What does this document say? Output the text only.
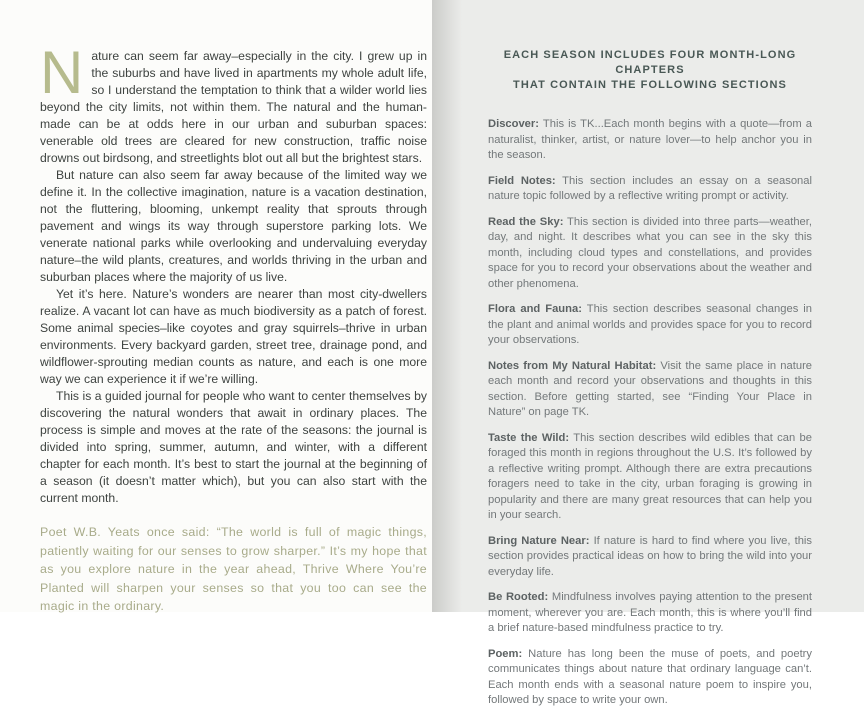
Nature can seem far away–especially in the city. I grew up in the suburbs and have lived in apartments my whole adult life, so I understand the temptation to think that a wilder world lies beyond the city limits, not within them. The natural and the human-made can be at odds here in our urban and suburban spaces: venerable old trees are cleared for new construction, traffic noise drowns out birdsong, and streetlights blot out all but the brightest stars.

But nature can also seem far away because of the limited way we define it. In the collective imagination, nature is a vacation destination, not the fluttering, blooming, unkempt reality that sprouts through pavement and wings its way through superstore parking lots. We venerate national parks while overlooking and undervaluing everyday nature–the wild plants, creatures, and worlds thriving in the urban and suburban places where the majority of us live.

Yet it’s here. Nature’s wonders are nearer than most city-dwellers realize. A vacant lot can have as much biodiversity as a patch of forest. Some animal species–like coyotes and gray squirrels–thrive in urban environments. Every backyard garden, street tree, drainage pond, and wildflower-sprouting median counts as nature, and each is one more way we can experience it if we’re willing.

This is a guided journal for people who want to center themselves by discovering the natural wonders that await in ordinary places. The process is simple and moves at the rate of the seasons: the journal is divided into spring, summer, autumn, and winter, with a different chapter for each month. It’s best to start the journal at the beginning of a season (it doesn’t matter which), but you can also start with the current month.

Poet W.B. Yeats once said: “The world is full of magic things, patiently waiting for our senses to grow sharper.” It’s my hope that as you explore nature in the year ahead, Thrive Where You’re Planted will sharpen your senses so that you too can see the magic in the ordinary.

EACH SEASON INCLUDES FOUR MONTH-LONG CHAPTERS
THAT CONTAIN THE FOLLOWING SECTIONS

Discover: This is TK...Each month begins with a quote—from a naturalist, thinker, artist, or nature lover—to help anchor you in the season.

Field Notes: This section includes an essay on a seasonal nature topic followed by a reflective writing prompt or activity.

Read the Sky: This section is divided into three parts—weather, day, and night. It describes what you can see in the sky this month, including cloud types and constellations, and provides space for you to record your observations about the weather and other phenomena.

Flora and Fauna: This section describes seasonal changes in the plant and animal worlds and provides space for you to record your observations.

Notes from My Natural Habitat: Visit the same place in nature each month and record your observations and thoughts in this section. Before getting started, see “Finding Your Place in Nature” on page TK.

Taste the Wild: This section describes wild edibles that can be foraged this month in regions throughout the U.S. It’s followed by a reflective writing prompt. Although there are extra precautions foragers need to take in the city, urban foraging is growing in popularity and there are many great resources that can help you in your search.

Bring Nature Near: If nature is hard to find where you live, this section provides practical ideas on how to bring the wild into your everyday life.

Be Rooted: Mindfulness involves paying attention to the present moment, wherever you are. Each month, this is where you’ll find a brief nature-based mindfulness practice to try.

Poem: Nature has long been the muse of poets, and poetry communicates things about nature that ordinary language can’t. Each month ends with a seasonal nature poem to inspire you, followed by space to write your own.
